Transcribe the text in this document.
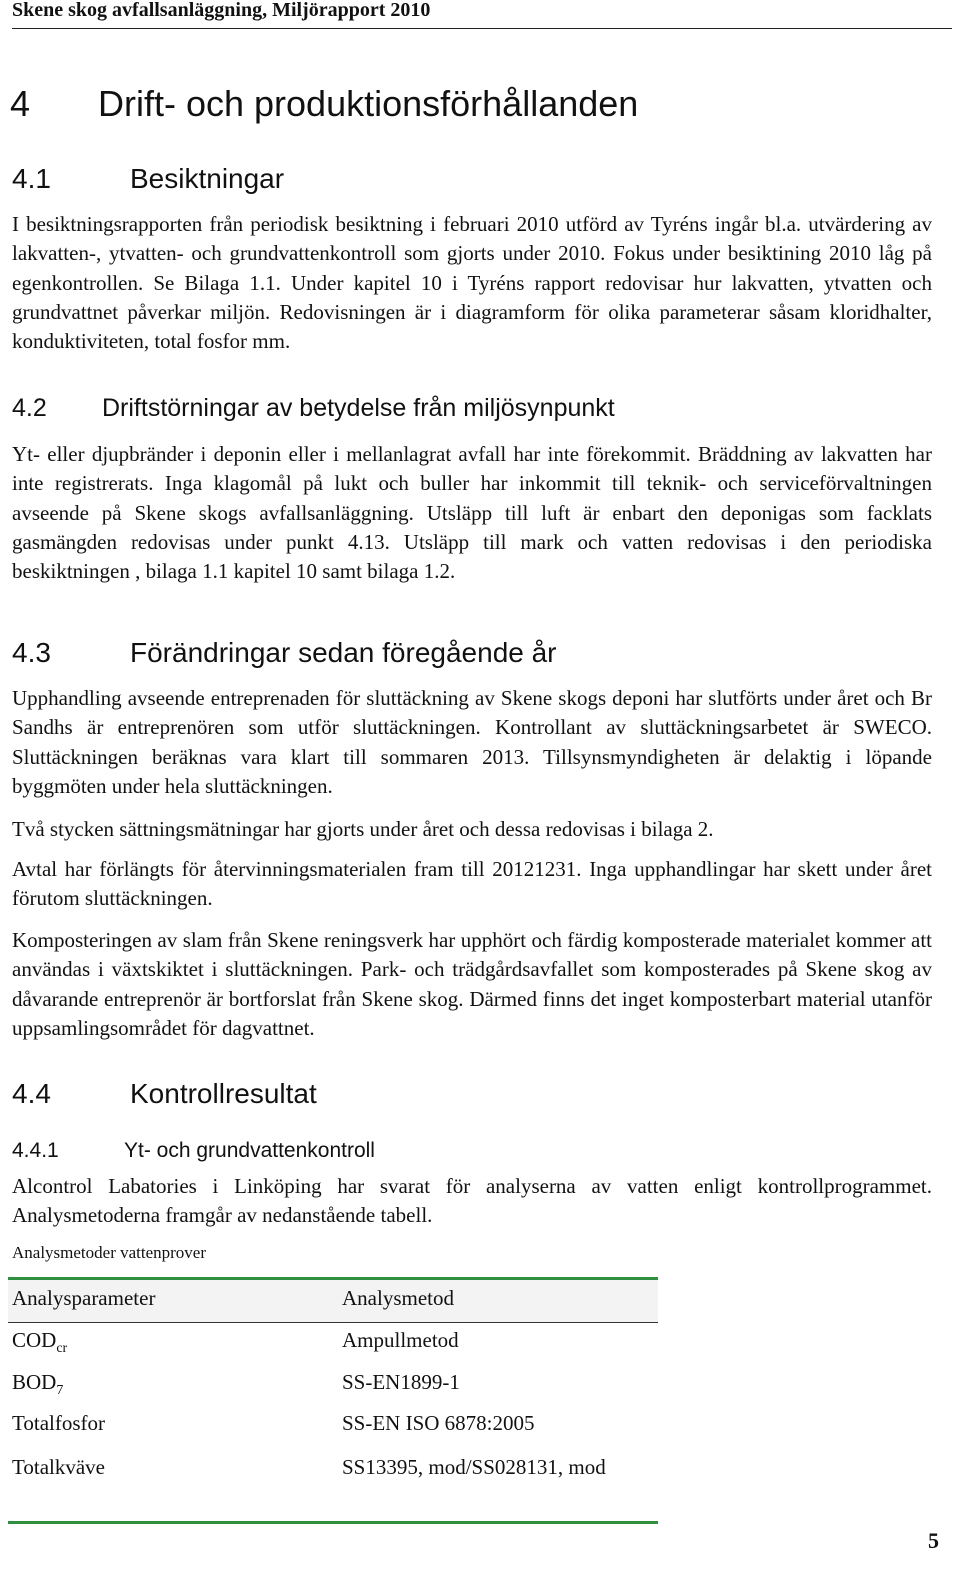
Skene skog avfallsanläggning, Miljörapport 2010
4 Drift- och produktionsförhållanden
4.1	Besiktningar

I besiktningsrapporten från periodisk besiktning i februari 2010 utförd av Tyréns ingår bl.a. utvärdering av lakvatten-, ytvatten- och grundvattenkontroll som gjorts under 2010. Fokus under besiktining 2010 låg på egenkontrollen. Se Bilaga 1.1. Under kapitel 10 i Tyréns rapport redovisar hur lakvatten, ytvatten och grundvattnet påverkar miljön. Redovisningen är i diagramform för olika parameterar såsam kloridhalter, konduktiviteten, total fosfor mm.

4.2 Driftstörningar av betydelse från miljösynpunkt

Yt- eller djupbränder i deponin eller i mellanlagrat avfall har inte förekommit. Bräddning av lakvatten har inte registrerats. Inga klagomål på lukt och buller har inkommit till teknik- och serviceförvaltningen avseende på Skene skogs avfallsanläggning. Utsläpp till luft är enbart den deponigas som facklats gasmängden redovisas under punkt 4.13. Utsläpp till mark och vatten redovisas i den periodiska beskiktningen , bilaga 1.1 kapitel 10 samt bilaga 1.2.

4.3	Förändringar sedan föregående år

Upphandling avseende entreprenaden för sluttäckning av Skene skogs deponi har slutförts under året och Br Sandhs är entreprenören som utför sluttäckningen. Kontrollant av sluttäckningsarbetet är SWECO. Sluttäckningen beräknas vara klart till sommaren 2013. Tillsynsmyndigheten är delaktig i löpande byggmöten under hela sluttäckningen.

Två stycken sättningsmätningar har gjorts under året och dessa redovisas i bilaga 2.

Avtal har förlängts för återvinningsmaterialen fram till 20121231. Inga upphandlingar har skett under året förutom sluttäckningen.

Komposteringen av slam från Skene reningsverk har upphört och färdig komposterade materialet kommer att användas i växtskiktet i sluttäckningen. Park- och trädgårdsavfallet som komposterades på Skene skog av dåvarande entreprenör är bortforslat från Skene skog. Därmed finns det inget komposterbart material utanför uppsamlingsområdet för dagvattnet.

4.4	Kontrollresultat
4.4.1	Yt- och grundvattenkontroll

Alcontrol Labatories i Linköping har svarat för analyserna av vatten enligt kontrollprogrammet. Analysmetoderna framgår av nedanstående tabell.

Analysmetoder vattenprover
Analysparameter	Analysmetod
$COD_{cr}$	Ampullmetod
$BOD_7$	SS-EN1899-1
Totalfosfor	SS-EN ISO 6878:2005
Totalkväve	SS13395, mod/SS028131, mod
5
